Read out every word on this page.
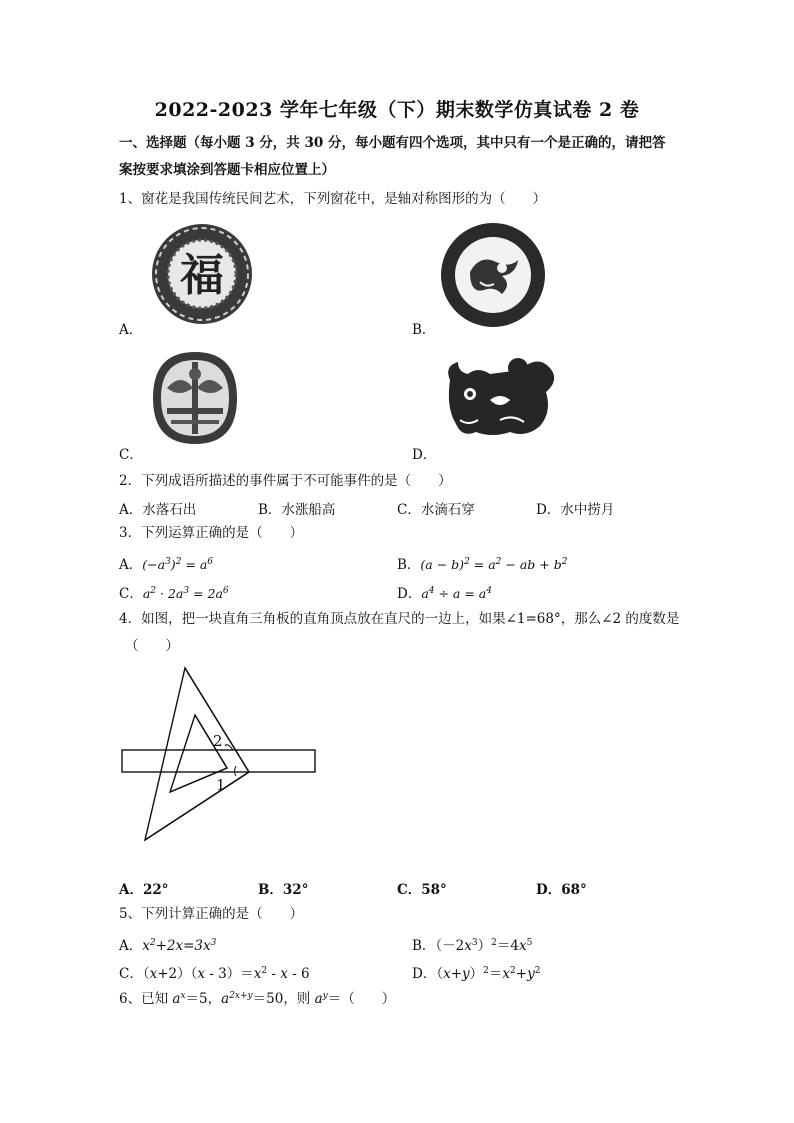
2022-2023 学年七年级（下）期末数学仿真试卷 2 卷
一、选择题（每小题 3 分，共 30 分，每小题有四个选项，其中只有一个是正确的，请把答
案按要求填涂到答题卡相应位置上）
1、窗花是我国传统民间艺术，下列窗花中，是轴对称图形的为（　　）
福
A．	B．
C．	D．
2．下列成语所描述的事件属于不可能事件的是（　　）
A．水落石出	B．水涨船高	C．水滴石穿	D．水中捞月
3．下列运算正确的是（　　）
A．$(-a^3)^2 = a^6$	B．$(a - b)^2 = a^2$ − ab + $b^2$
C．$a^2 \cdot 2a^3 = 2a^6$	D．$a^4 \div a = a^4$
4．如图，把一块直角三角板的直角顶点放在直尺的一边上，如果∠1=68°，那么∠2 的度数是
（　　）
2
1
A．22°	B．32°	C．58°	D．68°
5、下列计算正确的是（　　）
A．$x^2+2x=3x^3$	B．$(-2x^3)^2=4x^5$
C．$(x+2)(x - 3)=x^2 - x - 6$	D．$(x+y)^2=x^2+y^2$
6、已知 $a^x=5$，$a^{2x+y}=50$，则 $a^y=$（　　）
